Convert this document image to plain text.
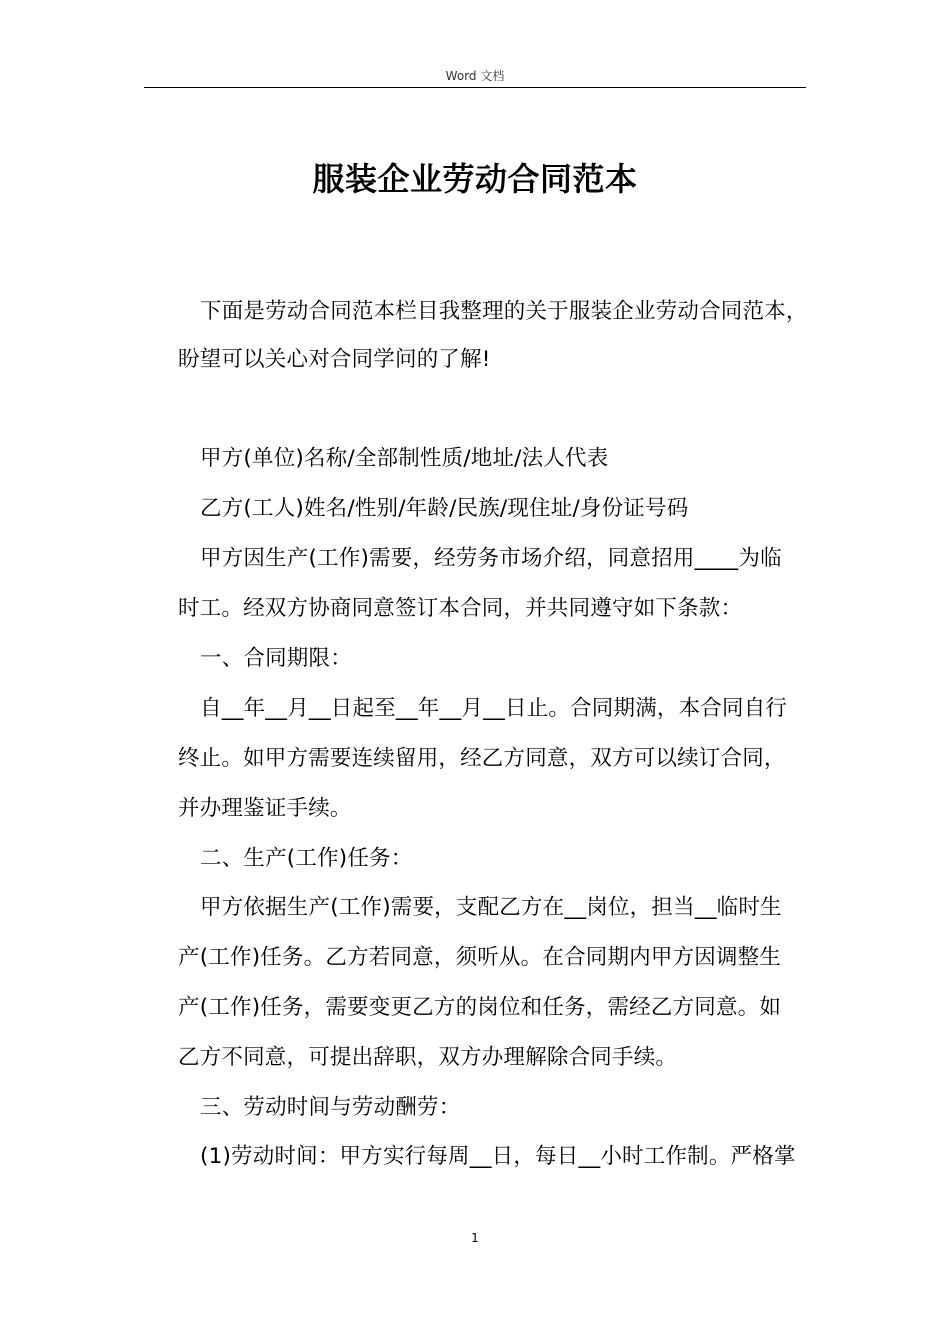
Word 文档
服装企业劳动合同范本
下面是劳动合同范本栏目我整理的关于服装企业劳动合同范本，
盼望可以关心对合同学问的了解!
甲方(单位)名称/全部制性质/地址/法人代表
乙方(工人)姓名/性别/年龄/民族/现住址/身份证号码
甲方因生产(工作)需要，经劳务市场介绍，同意招用____为临
时工。经双方协商同意签订本合同，并共同遵守如下条款：
一、合同期限：
自__年__月__日起至__年__月__日止。合同期满，本合同自行
终止。如甲方需要连续留用，经乙方同意，双方可以续订合同，
并办理鉴证手续。
二、生产(工作)任务：
甲方依据生产(工作)需要，支配乙方在__岗位，担当__临时生
产(工作)任务。乙方若同意，须听从。在合同期内甲方因调整生
产(工作)任务，需要变更乙方的岗位和任务，需经乙方同意。如
乙方不同意，可提出辞职，双方办理解除合同手续。
三、劳动时间与劳动酬劳：
(1)劳动时间：甲方实行每周__日，每日__小时工作制。严格掌
1
